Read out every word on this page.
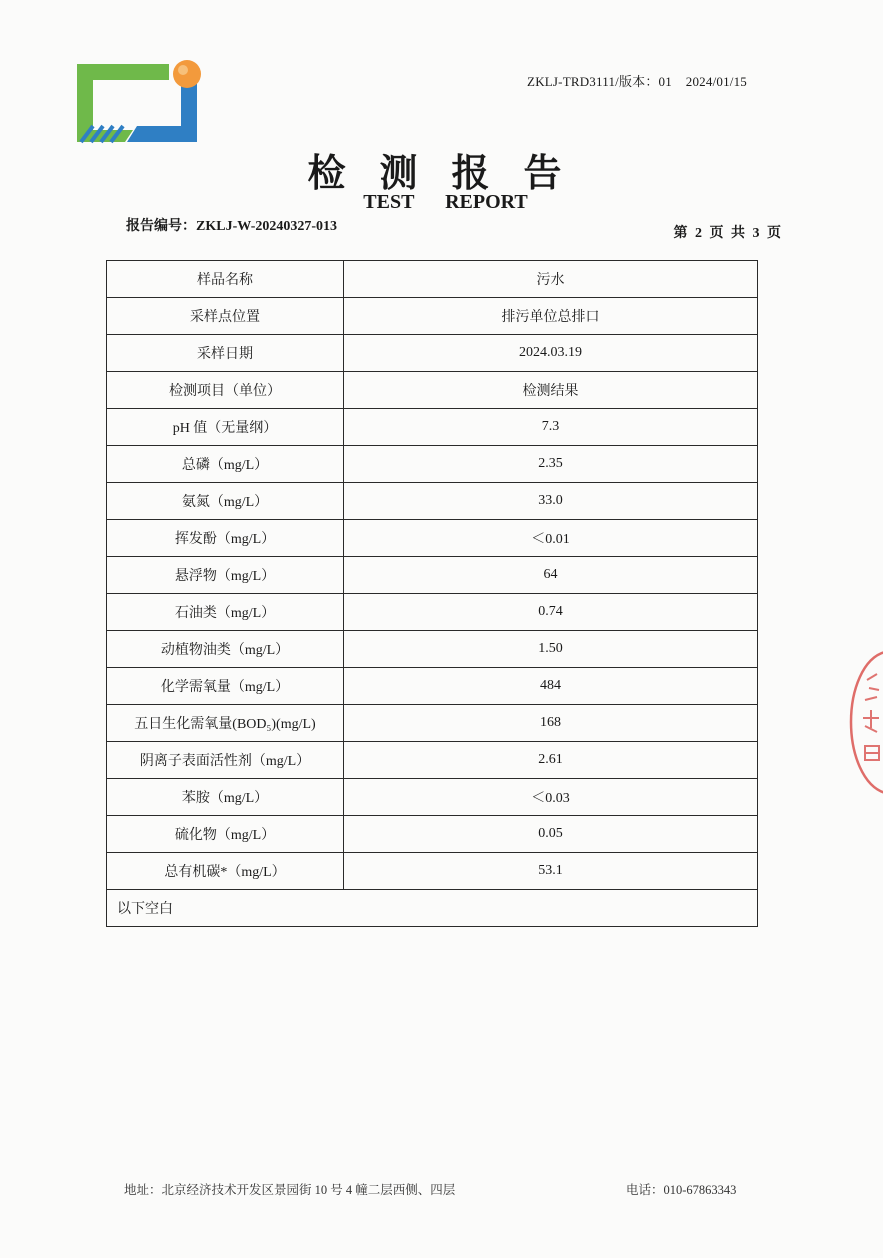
ZKLJ-TRD3111/版本：01 2024/01/15
检测报告
TEST REPORT
报告编号：ZKLJ-W-20240327-013	第 2 页 共 3 页
样品名称	污水
采样点位置	排污单位总排口
采样日期	2024.03.19
检测项目（单位）	检测结果
pH 值（无量纲）	7.3
总磷（mg/L）	2.35
氨氮（mg/L）	33.0
挥发酚（mg/L）	＜0.01
悬浮物（mg/L）	64
石油类（mg/L）	0.74
动植物油类（mg/L）	1.50
化学需氧量（mg/L）	484
五日生化需氧量(BOD₅)(mg/L)	168
阴离子表面活性剂（mg/L）	2.61
苯胺（mg/L）	＜0.03
硫化物（mg/L）	0.05
总有机碳*（mg/L）	53.1
以下空白	
地址：北京经济技术开发区景园街 10 号 4 幢二层西侧、四层	电话：010-67863343
